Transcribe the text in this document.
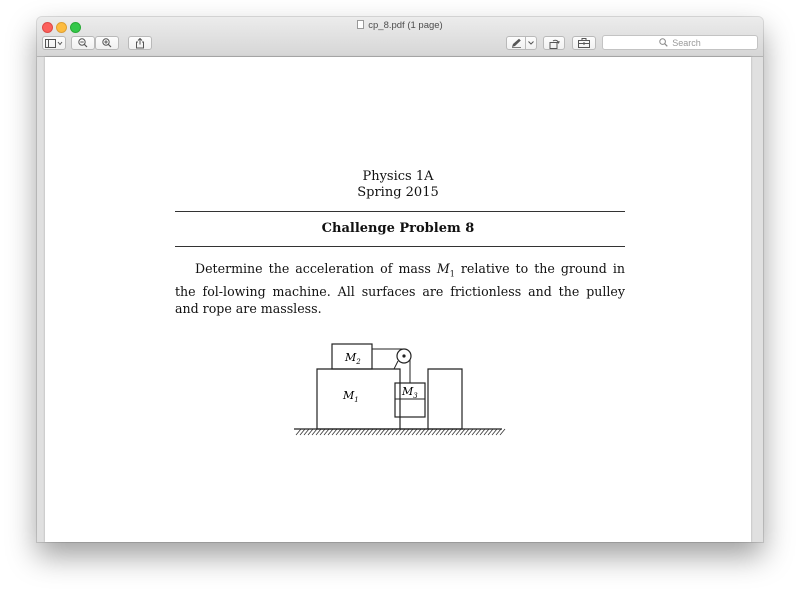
cp_8.pdf (1 page)
Search
Physics 1A
Spring 2015
Challenge Problem 8

Determine the acceleration of mass $M_1$ relative to the ground in the fol-lowing machine. All surfaces are frictionless and the pulley and rope are massless.

$M_1$
$M_2$
$M_3$
